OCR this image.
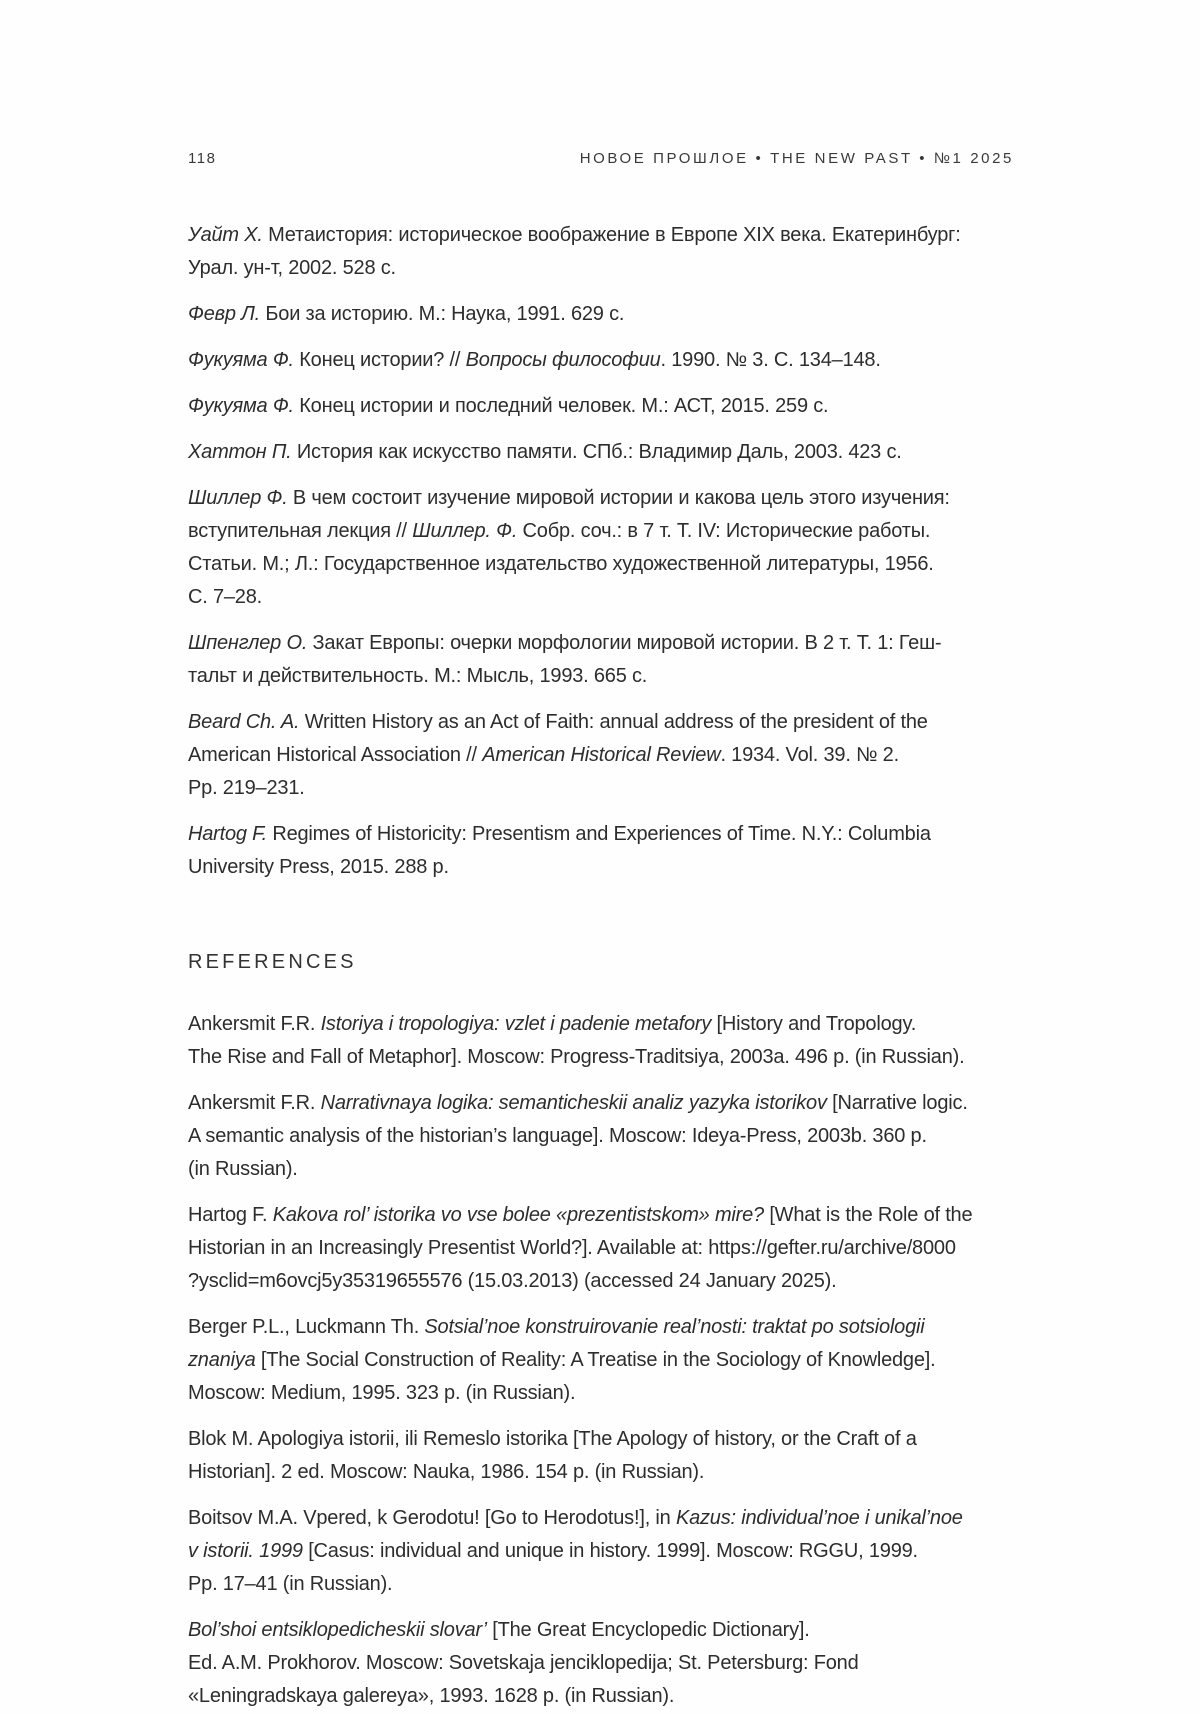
118	НОВОЕ ПРОШЛОЕ • THE NEW PAST • №1 2025

Уайт Х. Метаистория: историческое воображение в Европе XIX века. Екатеринбург:
Урал. ун-т, 2002. 528 с.

Февр Л. Бои за историю. М.: Наука, 1991. 629 с.

Фукуяма Ф. Конец истории? // Вопросы философии. 1990. № 3. С. 134–148.

Фукуяма Ф. Конец истории и последний человек. М.: АСТ, 2015. 259 с.

Хаттон П. История как искусство памяти. СПб.: Владимир Даль, 2003. 423 с.

Шиллер Ф. В чем состоит изучение мировой истории и какова цель этого изучения:
вступительная лекция // Шиллер. Ф. Собр. соч.: в 7 т. Т. IV: Исторические работы.
Статьи. М.; Л.: Государственное издательство художественной литературы, 1956.
С. 7–28.

Шпенглер О. Закат Европы: очерки морфологии мировой истории. В 2 т. Т. 1: Геш-
тальт и действительность. М.: Мысль, 1993. 665 с.

Beard Ch. A. Written History as an Act of Faith: annual address of the president of the
American Historical Association // American Historical Review. 1934. Vol. 39. № 2.
Pp. 219–231.

Hartog F. Regimes of Historicity: Presentism and Experiences of Time. N.Y.: Columbia
University Press, 2015. 288 p.

REFERENCES

Ankersmit F.R. Istoriya i tropologiya: vzlet i padenie metafory [History and Tropology.
The Rise and Fall of Metaphor]. Moscow: Progress-Traditsiya, 2003a. 496 p. (in Russian).

Ankersmit F.R. Narrativnaya logika: semanticheskii analiz yazyka istorikov [Narrative logic.
A semantic analysis of the historian’s language]. Moscow: Ideya-Press, 2003b. 360 p.
(in Russian).

Hartog F. Kakova rol’ istorika vo vse bolee «prezentistskom» mire? [What is the Role of the
Historian in an Increasingly Presentist World?]. Available at: https://gefter.ru/archive/8000
?ysclid=m6ovcj5y35319655576 (15.03.2013) (accessed 24 January 2025).

Berger P.L., Luckmann Th. Sotsial’noe konstruirovanie real’nosti: traktat po sotsiologii
znaniya [The Social Construction of Reality: A Treatise in the Sociology of Knowledge].
Moscow: Medium, 1995. 323 p. (in Russian).

Blok M. Apologiya istorii, ili Remeslo istorika [The Apology of history, or the Craft of a
Historian]. 2 ed. Moscow: Nauka, 1986. 154 p. (in Russian).

Boitsov M.A. Vpered, k Gerodotu! [Go to Herodotus!], in Kazus: individual’noe i unikal’noe
v istorii. 1999 [Casus: individual and unique in history. 1999]. Moscow: RGGU, 1999.
Pp. 17–41 (in Russian).

Bol’shoi entsiklopedicheskii slovar’ [The Great Encyclopedic Dictionary].
Ed. A.M. Prokhorov. Moscow: Sovetskaja jenciklopedija; St. Petersburg: Fond
«Leningradskaya galereya», 1993. 1628 p. (in Russian).
